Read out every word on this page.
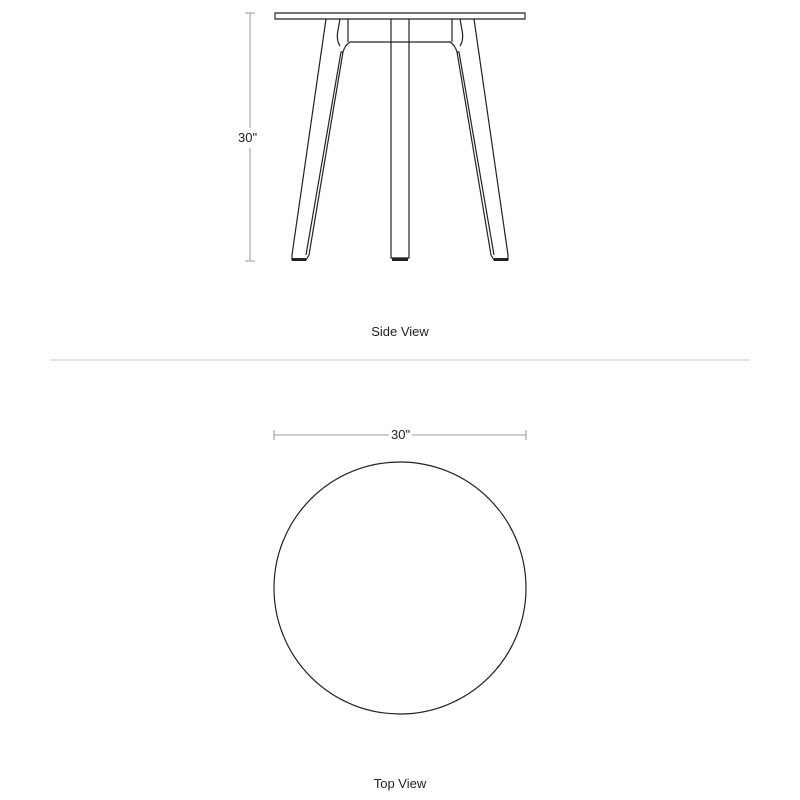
30"
Side View
30"
Top View
